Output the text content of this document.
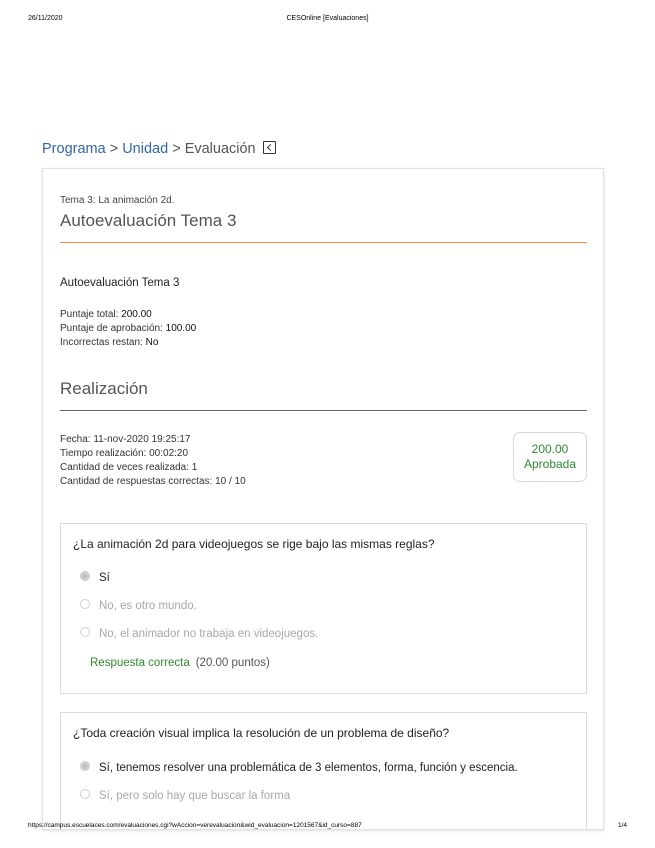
26/11/2020	CESOnline [Evaluaciones]
Programa > Unidad > Evaluación
Tema 3: La animación 2d.
Autoevaluación Tema 3
Autoevaluación Tema 3
Puntaje total: 200.00
Puntaje de aprobación: 100.00
Incorrectas restan: No
Realización
Fecha: 11-nov-2020 19:25:17
Tiempo realización: 00:02:20
Cantidad de veces realizada: 1
Cantidad de respuestas correctas: 10 / 10
200.00
Aprobada
¿La animación 2d para videojuegos se rige bajo las mismas reglas?
Sí
No, es otro mundo.
No, el animador no trabaja en videojuegos.
Respuesta correcta (20.00 puntos)
¿Toda creación visual implica la resolución de un problema de diseño?
Sí, tenemos resolver una problemática de 3 elementos, forma, función y escencia.
Sí, pero solo hay que buscar la forma
https://campus.escuelaces.com/evaluaciones.cgi?wAccion=verevaluacion&wid_evaluacion=1201567&id_curso=887	1/4
